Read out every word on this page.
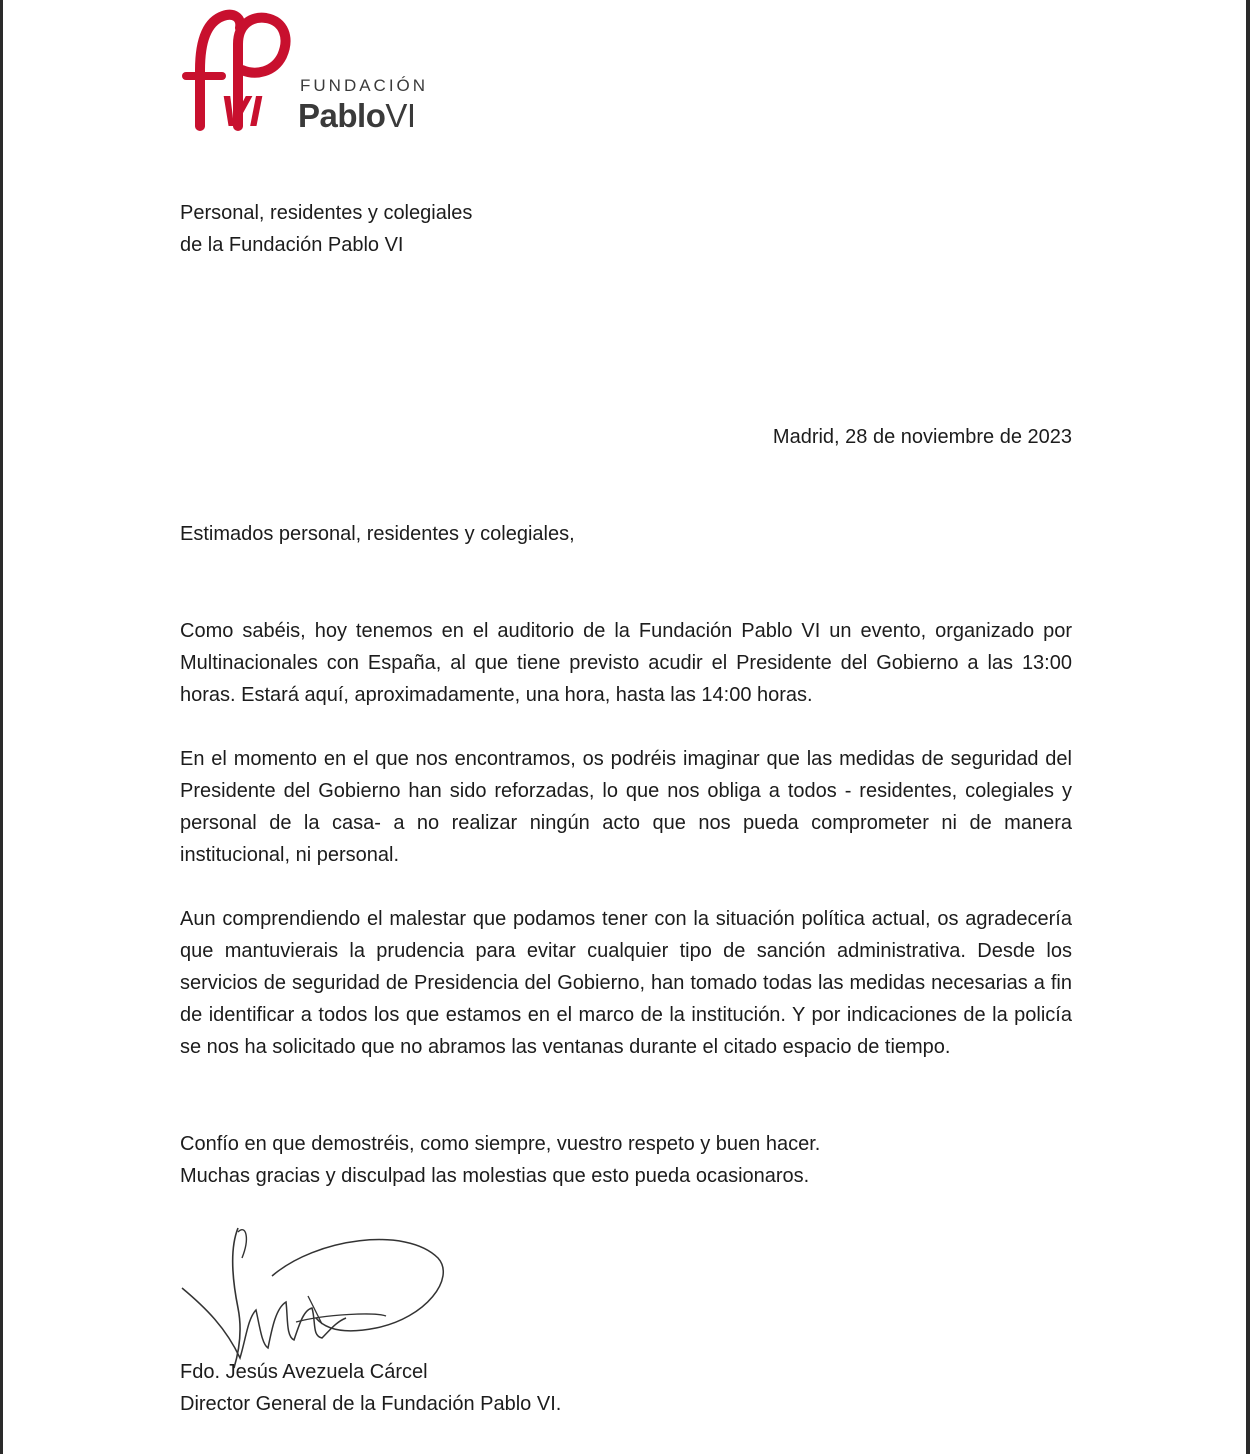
VI
FUNDACIÓN
PabloVI
Personal, residentes y colegiales
de la Fundación Pablo VI
Madrid, 28 de noviembre de 2023
Estimados personal, residentes y colegiales,
Como sabéis, hoy tenemos en el auditorio de la Fundación Pablo VI un evento, organizado por Multinacionales con España, al que tiene previsto acudir el Presidente del Gobierno a las 13:00 horas. Estará aquí, aproximadamente, una hora, hasta las 14:00 horas.
En el momento en el que nos encontramos, os podréis imaginar que las medidas de seguridad del Presidente del Gobierno han sido reforzadas, lo que nos obliga a todos - residentes, colegiales y personal de la casa- a no realizar ningún acto que nos pueda comprometer ni de manera institucional, ni personal.
Aun comprendiendo el malestar que podamos tener con la situación política actual, os agradecería que mantuvierais la prudencia para evitar cualquier tipo de sanción administrativa. Desde los servicios de seguridad de Presidencia del Gobierno, han tomado todas las medidas necesarias a fin de identificar a todos los que estamos en el marco de la institución. Y por indicaciones de la policía se nos ha solicitado que no abramos las ventanas durante el citado espacio de tiempo.
Confío en que demostréis, como siempre, vuestro respeto y buen hacer.
Muchas gracias y disculpad las molestias que esto pueda ocasionaros.
Fdo. Jesús Avezuela Cárcel
Director General de la Fundación Pablo VI.
